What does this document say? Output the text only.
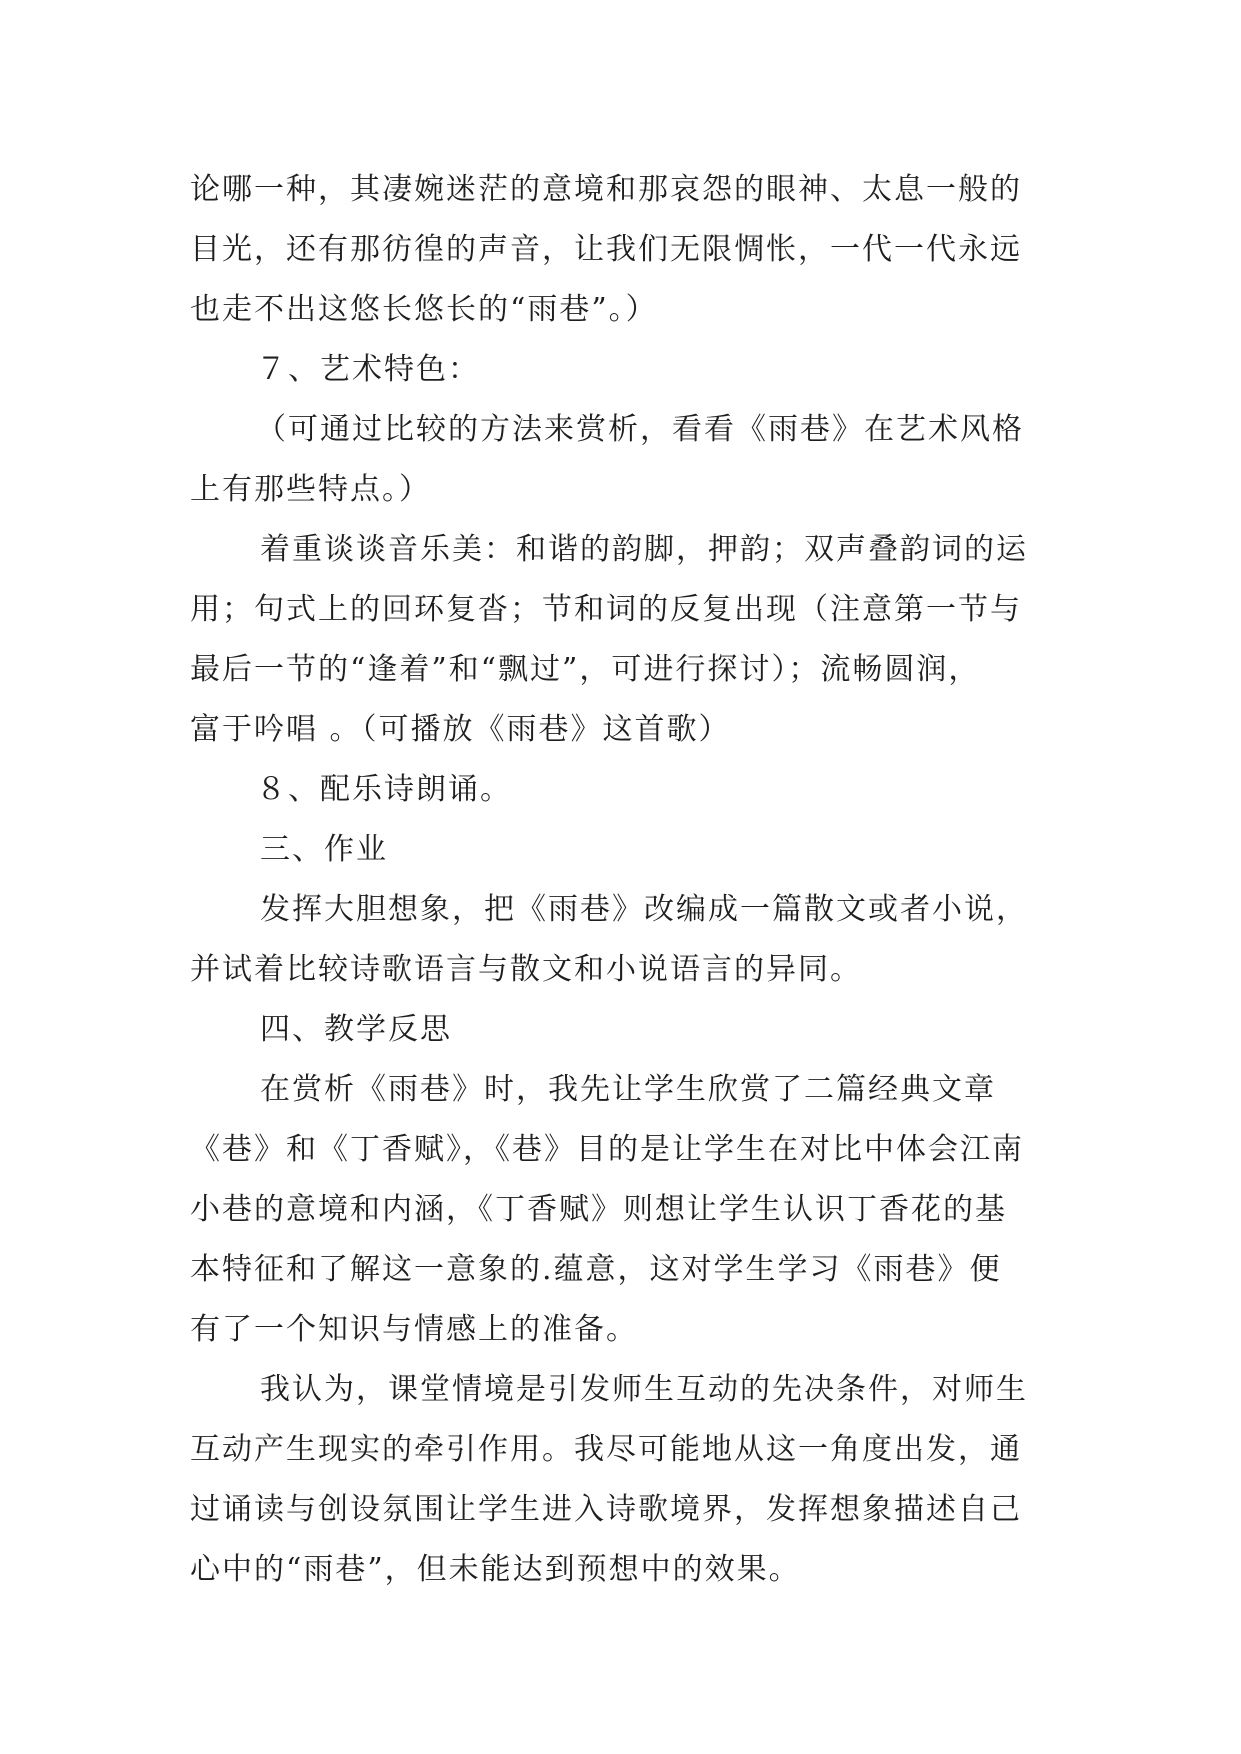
论哪一种，其凄婉迷茫的意境和那哀怨的眼神、太息一般的
目光，还有那彷徨的声音，让我们无限惆怅，一代一代永远
也走不出这悠长悠长的“雨巷”。）
７、艺术特色：
（可通过比较的方法来赏析，看看《雨巷》在艺术风格
上有那些特点。）
着重谈谈音乐美：和谐的韵脚，押韵；双声叠韵词的运
用；句式上的回环复沓；节和词的反复出现（注意第一节与
最后一节的“逢着”和“飘过”，可进行探讨）；流畅圆润，
富于吟唱 。（可播放《雨巷》这首歌）
８、配乐诗朗诵。
三、作业
发挥大胆想象，把《雨巷》改编成一篇散文或者小说，
并试着比较诗歌语言与散文和小说语言的异同。
四、教学反思
在赏析《雨巷》时，我先让学生欣赏了二篇经典文章
《巷》和《丁香赋》，《巷》目的是让学生在对比中体会江南
小巷的意境和内涵，《丁香赋》则想让学生认识丁香花的基
本特征和了解这一意象的.蕴意，这对学生学习《雨巷》便
有了一个知识与情感上的准备。
我认为，课堂情境是引发师生互动的先决条件，对师生
互动产生现实的牵引作用。我尽可能地从这一角度出发，通
过诵读与创设氛围让学生进入诗歌境界，发挥想象描述自己
心中的“雨巷”，但未能达到预想中的效果。
